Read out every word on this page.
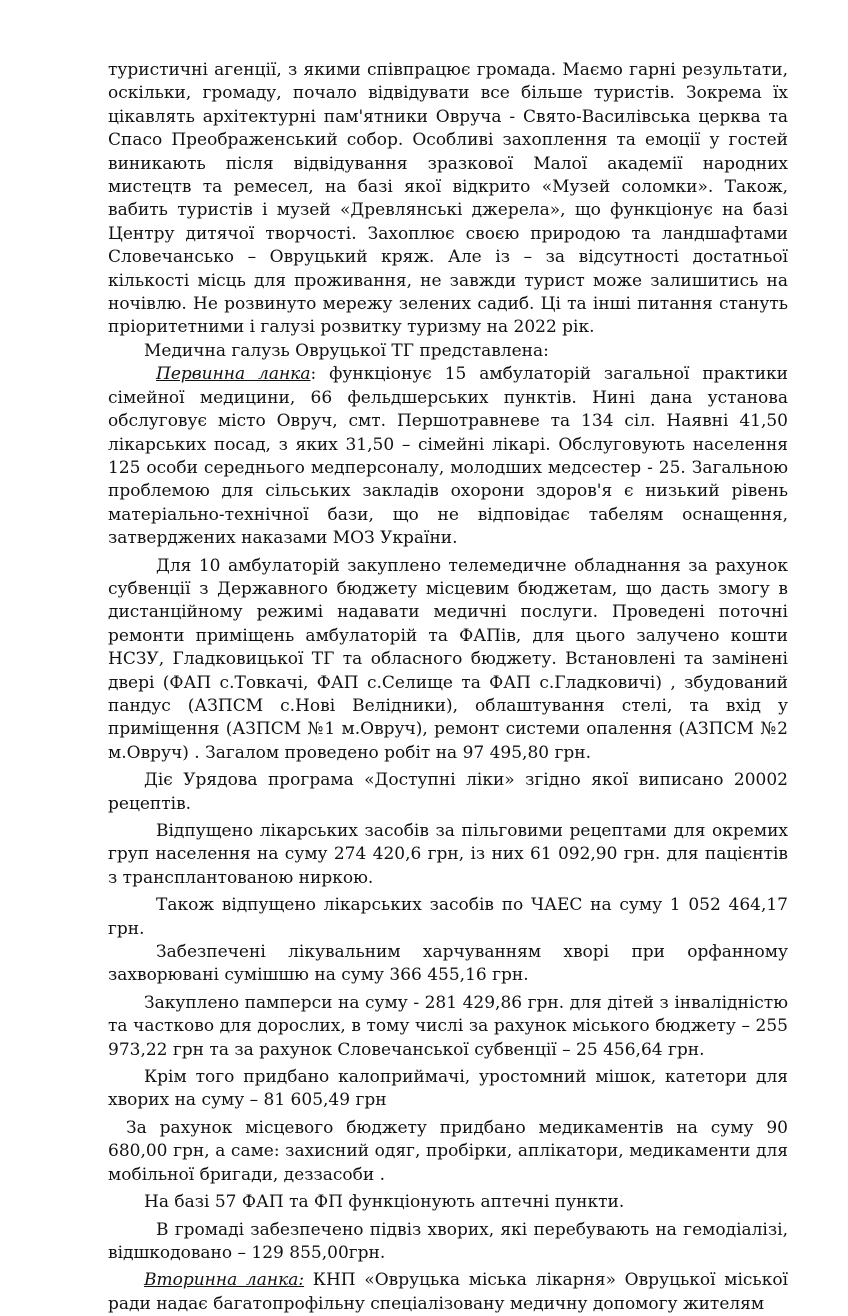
туристичні агенції, з якими співпрацює громада. Маємо гарні результати, оскільки, громаду, почало відвідувати все більше туристів. Зокрема їх цікавлять архітектурні пам'ятники Овруча - Свято-Василівська церква та Спасо Преображенський собор. Особливі захоплення та емоції у гостей виникають після відвідування зразкової Малої академії народних мистецтв та ремесел, на базі якої відкрито «Музей соломки». Також, вабить туристів і музей «Древлянські джерела», що функціонує на базі Центру дитячої творчості. Захоплює своєю природою та ландшафтами Словечансько – Овруцький кряж. Але із – за відсутності достатньої кількості місць для проживання, не завжди турист може залишитись на ночівлю. Не розвинуто мережу зелених садиб. Ці та інші питання стануть пріоритетними і галузі розвитку туризму на 2022 рік.

Медична галузь Овруцької ТГ представлена:

Первинна ланка: функціонує 15 амбулаторій загальної практики сімейної медицини, 66 фельдшерських пунктів. Нині дана установа обслуговує місто Овруч, смт. Першотравневе та 134 сіл. Наявні 41,50 лікарських посад, з яких 31,50 – сімейні лікарі. Обслуговують населення 125 особи середнього медперсоналу, молодших медсестер - 25. Загальною проблемою для сільських закладів охорони здоров'я є низький рівень матеріально-технічної бази, що не відповідає табелям оснащення, затверджених наказами МОЗ України.

Для 10 амбулаторій закуплено телемедичне обладнання за рахунок субвенції з Державного бюджету місцевим бюджетам, що дасть змогу в дистанційному режимі надавати медичні послуги. Проведені поточні ремонти приміщень амбулаторій та ФАПів, для цього залучено кошти НСЗУ, Гладковицької ТГ та обласного бюджету. Встановлені та замінені двері (ФАП с.Товкачі, ФАП с.Селище та ФАП с.Гладковичі) , збудований пандус (АЗПСМ с.Нові Велідники), облаштування стелі, та вхід у приміщення (АЗПСМ №1 м.Овруч), ремонт системи опалення (АЗПСМ №2 м.Овруч) . Загалом проведено робіт на 97 495,80 грн.

Діє Урядова програма «Доступні ліки» згідно якої виписано 20002 рецептів.

Відпущено лікарських засобів за пільговими рецептами для окремих груп населення на суму 274 420,6 грн, із них 61 092,90 грн. для пацієнтів з трансплантованою ниркою.

Також відпущено лікарських засобів по ЧАЕС на суму 1 052 464,17 грн.

Забезпечені лікувальним харчуванням хворі при орфанному захворювані сумішшю на суму 366 455,16 грн.

Закуплено памперси на суму - 281 429,86 грн. для дітей з інвалідністю та частково для дорослих, в тому числі за рахунок міського бюджету – 255 973,22 грн та за рахунок Словечанської субвенції – 25 456,64 грн.

Крім того придбано калоприймачі, уростомний мішок, катетори для хворих на суму – 81 605,49 грн

За рахунок місцевого бюджету придбано медикаментів на суму 90 680,00 грн, а саме: захисний одяг, пробірки, аплікатори, медикаменти для мобільної бригади, деззасоби .

На базі 57 ФАП та ФП функціонують аптечні пункти.

В громаді забезпечено підвіз хворих, які перебувають на гемодіалізі, відшкодовано – 129 855,00грн.

Вторинна ланка: КНП «Овруцька міська лікарня» Овруцької міської ради надає багатопрофільну спеціалізовану медичну допомогу жителям
